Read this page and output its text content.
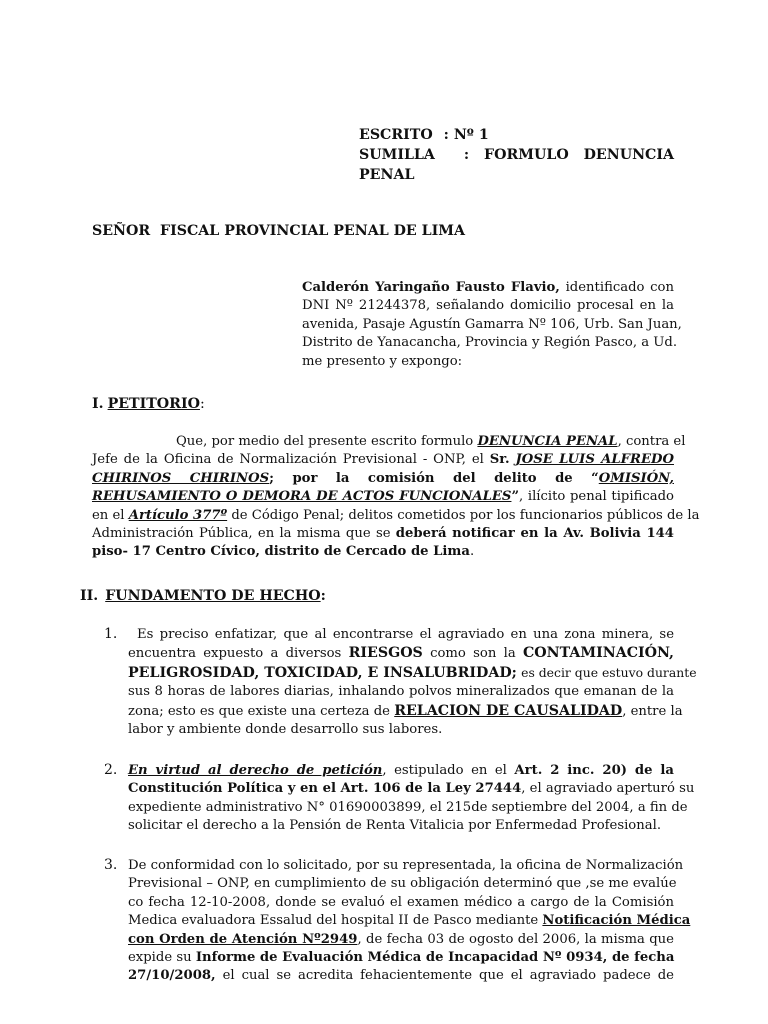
ESCRITO : Nº 1
SUMILLA : FORMULO DENUNCIA
PENAL
SEÑOR  FISCAL PROVINCIAL PENAL DE LIMA
Calderón Yaringaño Fausto Flavio, identificado con
DNI Nº 21244378, señalando domicilio procesal en la
avenida, Pasaje Agustín Gamarra Nº 106, Urb. San Juan,
Distrito de Yanacancha, Provincia y Región Pasco, a Ud.
me presento y expongo:
I. PETITORIO:
Que, por medio del presente escrito formulo DENUNCIA PENAL, contra el
Jefe de la Oficina de Normalización Previsional - ONP, el Sr. JOSE LUIS ALFREDO
CHIRINOS CHIRINOS; por la comisión del delito de “OMISIÓN,
REHUSAMIENTO O DEMORA DE ACTOS FUNCIONALES”, ilícito penal tipificado
en el Artículo 377º de Código Penal; delitos cometidos por los funcionarios públicos de la
Administración Pública, en la misma que se deberá notificar en la Av. Bolivia 144
piso- 17 Centro Cívico, distrito de Cercado de Lima.
II. FUNDAMENTO DE HECHO:
1.	Es preciso enfatizar, que al encontrarse el agraviado en una zona minera, se
encuentra expuesto a diversos RIESGOS como son la CONTAMINACIÓN,
PELIGROSIDAD, TOXICIDAD, E INSALUBRIDAD; es decir que estuvo durante
sus 8 horas de labores diarias, inhalando polvos mineralizados que emanan de la
zona; esto es que existe una certeza de RELACION DE CAUSALIDAD, entre la
labor y ambiente donde desarrollo sus labores.
2. En virtud al derecho de petición, estipulado en el Art. 2 inc. 20) de la
Constitución Política y en el Art. 106 de la Ley 27444, el agraviado aperturó su
expediente administrativo N° 01690003899, el 215de septiembre del 2004, a fin de
solicitar el derecho a la Pensión de Renta Vitalicia por Enfermedad Profesional.
3. De conformidad con lo solicitado, por su representada, la oficina de Normalización
Previsional – ONP, en cumplimiento de su obligación determinó que ,se me evalúe
co fecha 12-10-2008, donde se evaluó el examen médico a cargo de la Comisión
Medica evaluadora Essalud del hospital II de Pasco mediante Notificación Médica
con Orden de Atención Nº2949, de fecha 03 de ogosto del 2006, la misma que
expide su Informe de Evaluación Médica de Incapacidad Nº 0934, de fecha
27/10/2008, el cual se acredita fehacientemente que el agraviado padece de
